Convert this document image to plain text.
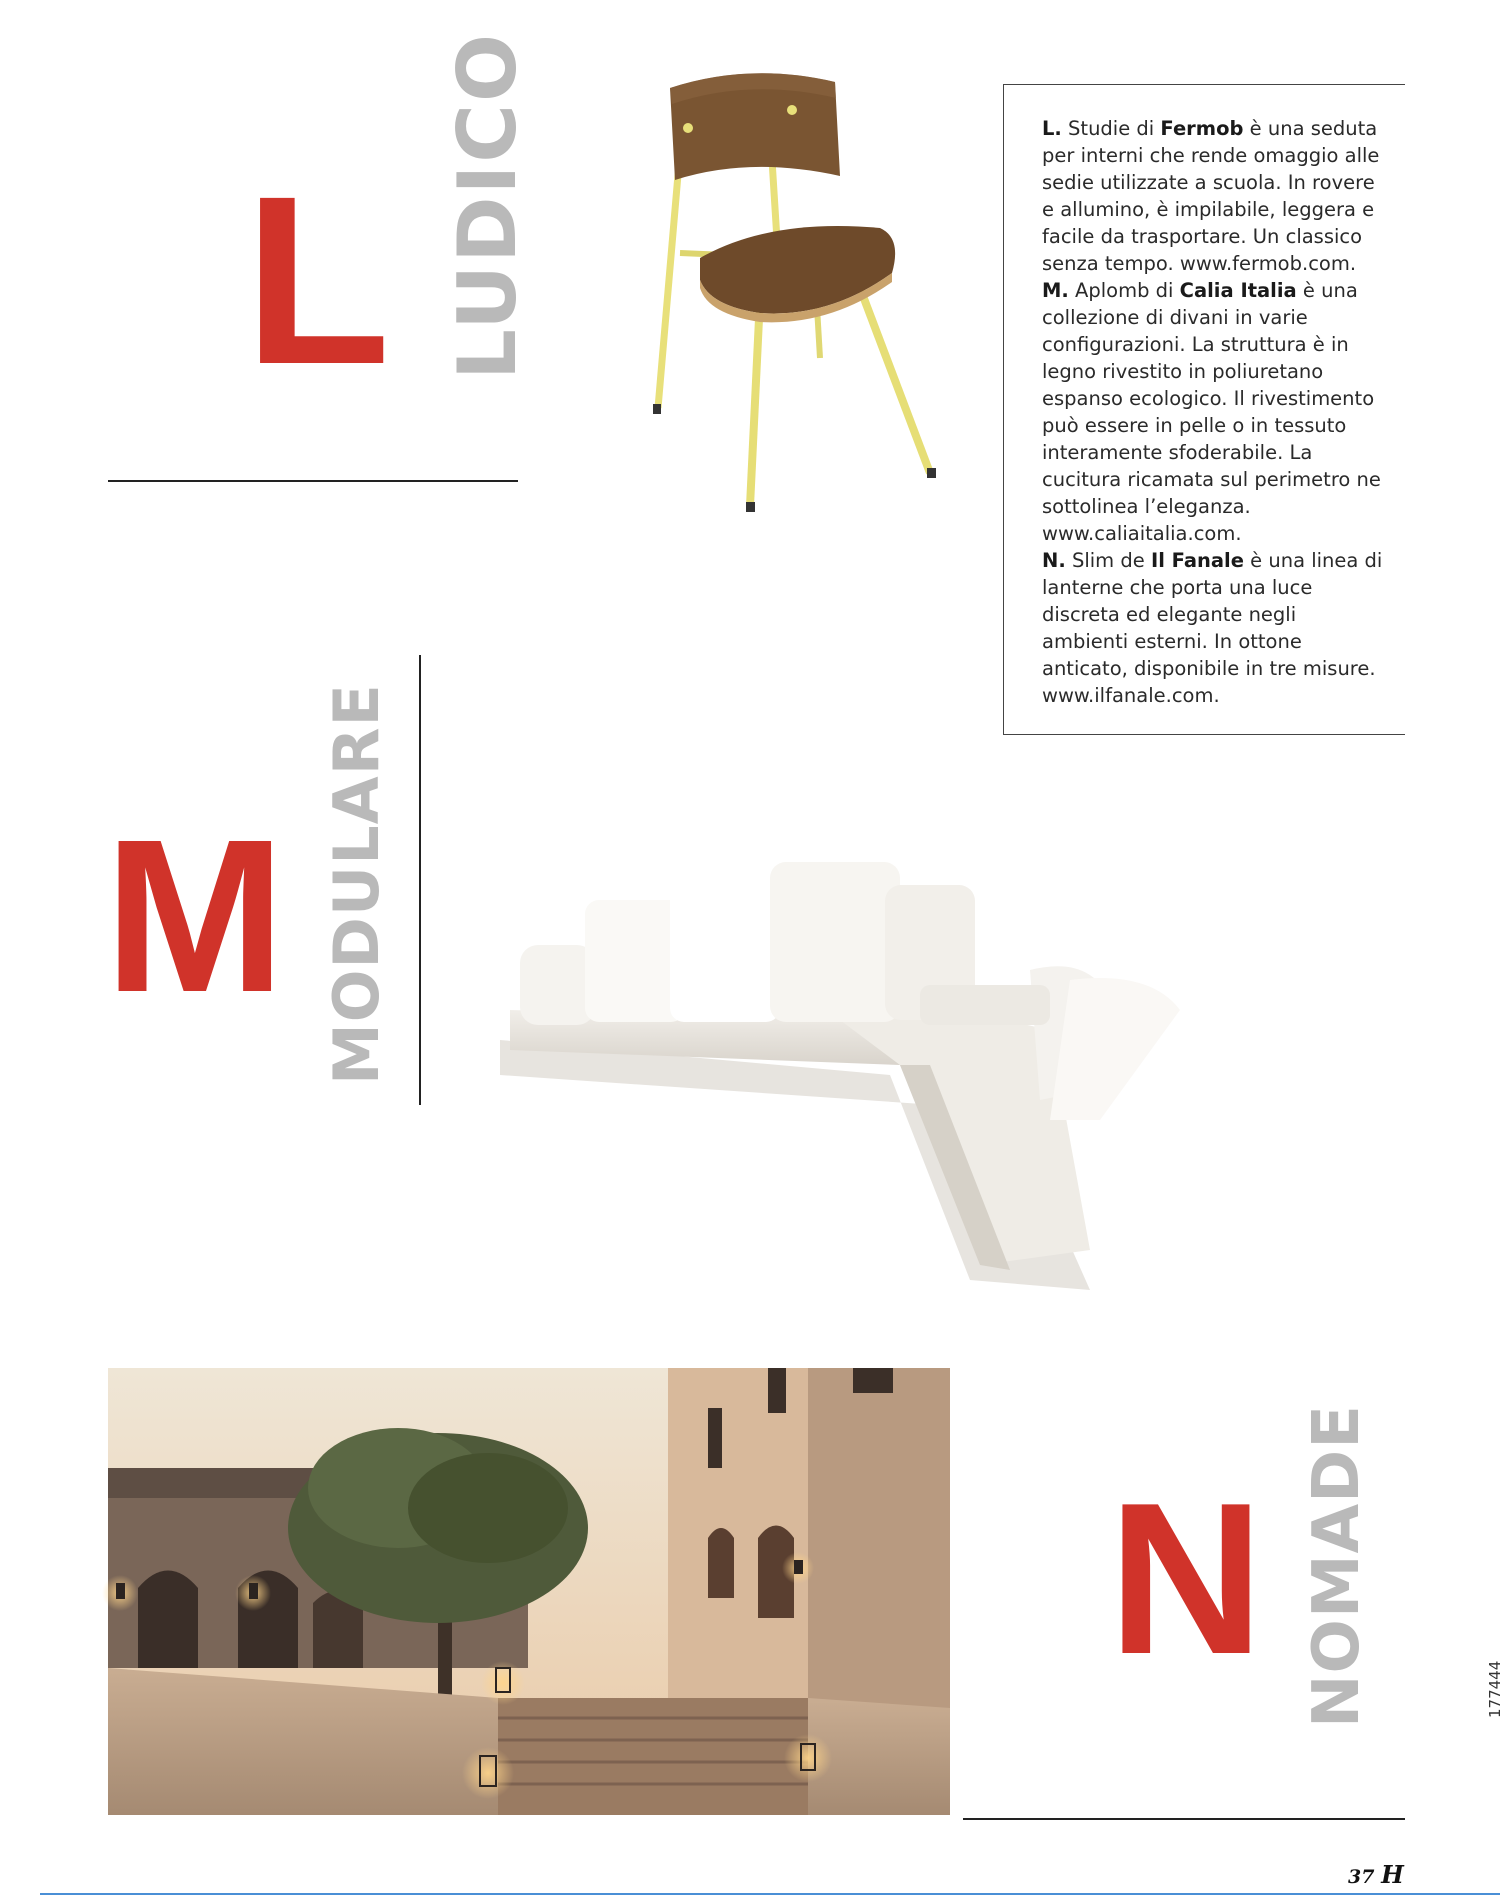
L LUDICO	L. Studie di Fermob è una seduta per interni che rende omaggio alle sedie utilizzate a scuola. In rovere e allumino, è impilabile, leggera e facile da trasportare. Un classico senza tempo. www.fermob.com.
M. Aplomb di Calia Italia è una collezione di divani in varie configurazioni. La struttura è in legno rivestito in poliuretano espanso ecologico. Il rivestimento può essere in pelle o in tessuto interamente sfoderabile. La cucitura ricamata sul perimetro ne sottolinea l’eleganza. www.caliaitalia.com.
N. Slim de Il Fanale è una linea di lanterne che porta una luce discreta ed elegante negli ambienti esterni. In ottone anticato, disponibile in tre misure. www.ilfanale.com.

M MODULARE
N NOMADE	177444
37 H
